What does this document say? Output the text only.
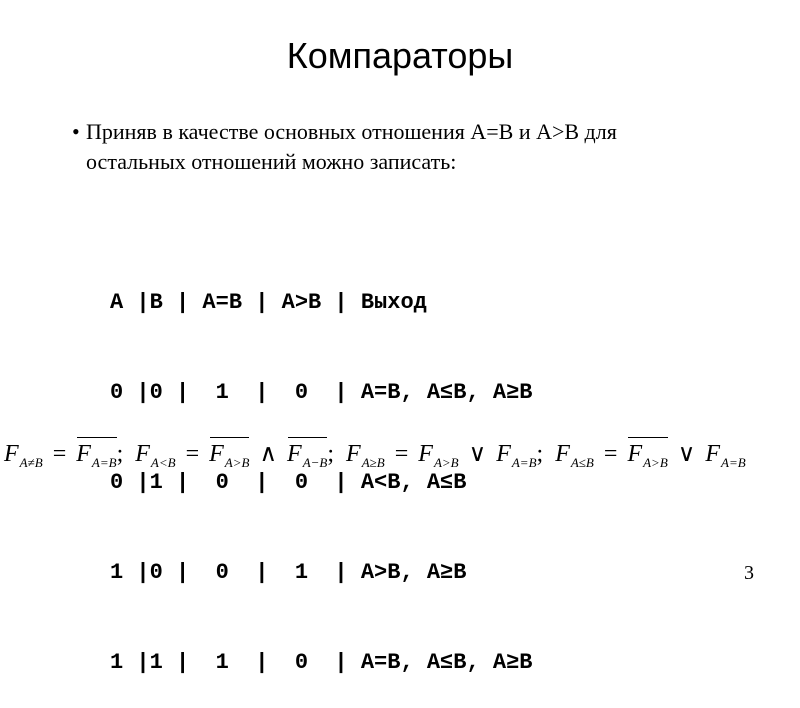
Компараторы
• Приняв в качестве основных отношения A=B и A>B для
остальных отношений можно записать:

A |B | A=B | A>B | Выход

0 |0 |  1  |  0  | A=B, A≤B, A≥B

0 |1 |  0  |  0  | A<B, A≤B

1 |0 |  0  |  1  | A>B, A≥B

1 |1 |  1  |  0  | A=B, A≤B, A≥B

$F_{A\ne B} = F_{A=B}$; $F_{A<B} = F_{A>B}$ ∧ $F_{A-B}$; $F_{A\ge B} = F_{A>B}$ ∨ $F_{A=B}$; $F_{A\le B} = F_{A>B}$ ∨ $F_{A=B}$
3
